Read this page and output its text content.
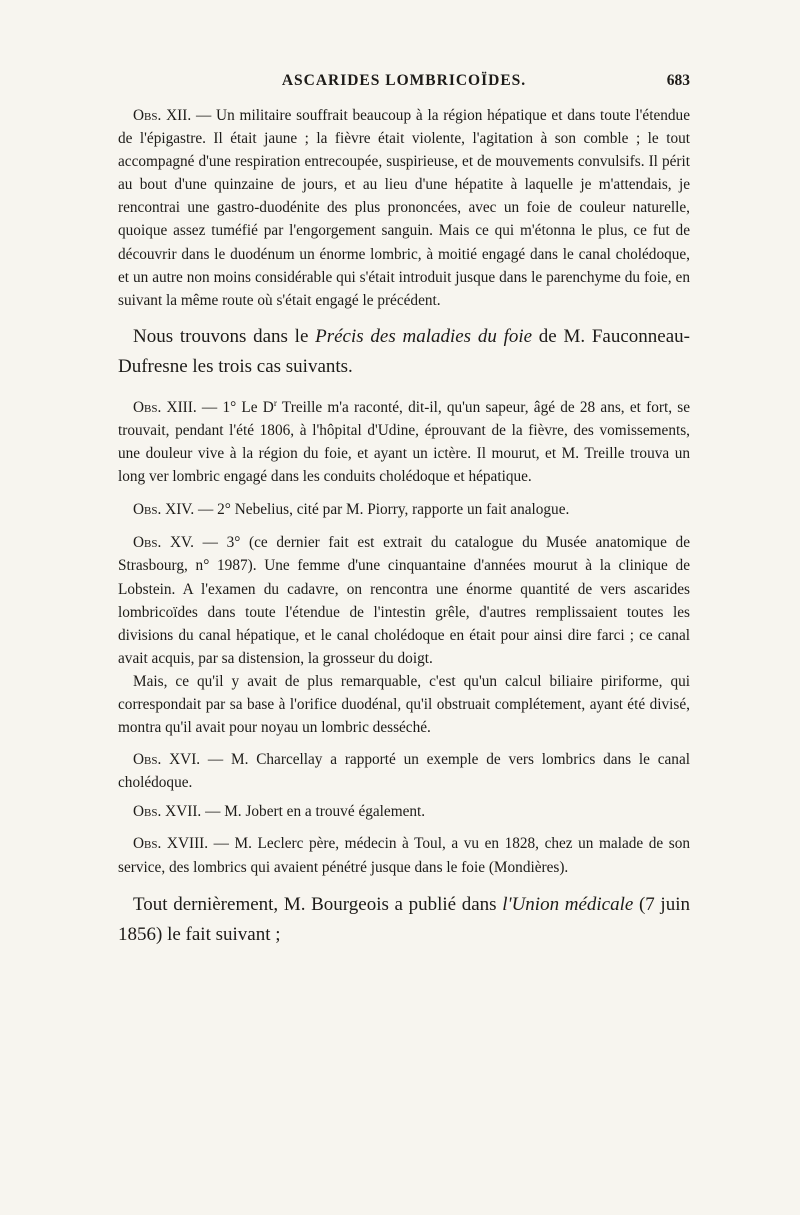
ASCARIDES LOMBRICOÏDES.	683

Obs. XII. — Un militaire souffrait beaucoup à la région hépatique et dans toute l'étendue de l'épigastre. Il était jaune ; la fièvre était violente, l'agitation à son comble ; le tout accompagné d'une respiration entrecoupée, suspirieuse, et de mouvements convulsifs. Il périt au bout d'une quinzaine de jours, et au lieu d'une hépatite à laquelle je m'attendais, je rencontrai une gastro-duodénite des plus prononcées, avec un foie de couleur naturelle, quoique assez tuméfié par l'engorgement sanguin. Mais ce qui m'étonna le plus, ce fut de découvrir dans le duodénum un énorme lombric, à moitié engagé dans le canal cholédoque, et un autre non moins considérable qui s'était introduit jusque dans le parenchyme du foie, en suivant la même route où s'était engagé le précédent.

Nous trouvons dans le Précis des maladies du foie de M. Fauconneau-Dufresne les trois cas suivants.

Obs. XIII. — 1° Le $D^r$ Treille m'a raconté, dit-il, qu'un sapeur, âgé de 28 ans, et fort, se trouvait, pendant l'été 1806, à l'hôpital d'Udine, éprouvant de la fièvre, des vomissements, une douleur vive à la région du foie, et ayant un ictère. Il mourut, et M. Treille trouva un long ver lombric engagé dans les conduits cholédoque et hépatique.

Obs. XIV. — 2° Nebelius, cité par M. Piorry, rapporte un fait analogue.

Obs. XV. — 3° (ce dernier fait est extrait du catalogue du Musée anatomique de Strasbourg, n° 1987). Une femme d'une cinquantaine d'années mourut à la clinique de Lobstein. A l'examen du cadavre, on rencontra une énorme quantité de vers ascarides lombricoïdes dans toute l'étendue de l'intestin grêle, d'autres remplissaient toutes les divisions du canal hépatique, et le canal cholédoque en était pour ainsi dire farci ; ce canal avait acquis, par sa distension, la grosseur du doigt.

Mais, ce qu'il y avait de plus remarquable, c'est qu'un calcul biliaire piriforme, qui correspondait par sa base à l'orifice duodénal, qu'il obstruait complétement, ayant été divisé, montra qu'il avait pour noyau un lombric desséché.

Obs. XVI. — M. Charcellay a rapporté un exemple de vers lombrics dans le canal cholédoque.

Obs. XVII. — M. Jobert en a trouvé également.

Obs. XVIII. — M. Leclerc père, médecin à Toul, a vu en 1828, chez un malade de son service, des lombrics qui avaient pénétré jusque dans le foie (Mondières).

Tout dernièrement, M. Bourgeois a publié dans l'Union médicale (7 juin 1856) le fait suivant ;
